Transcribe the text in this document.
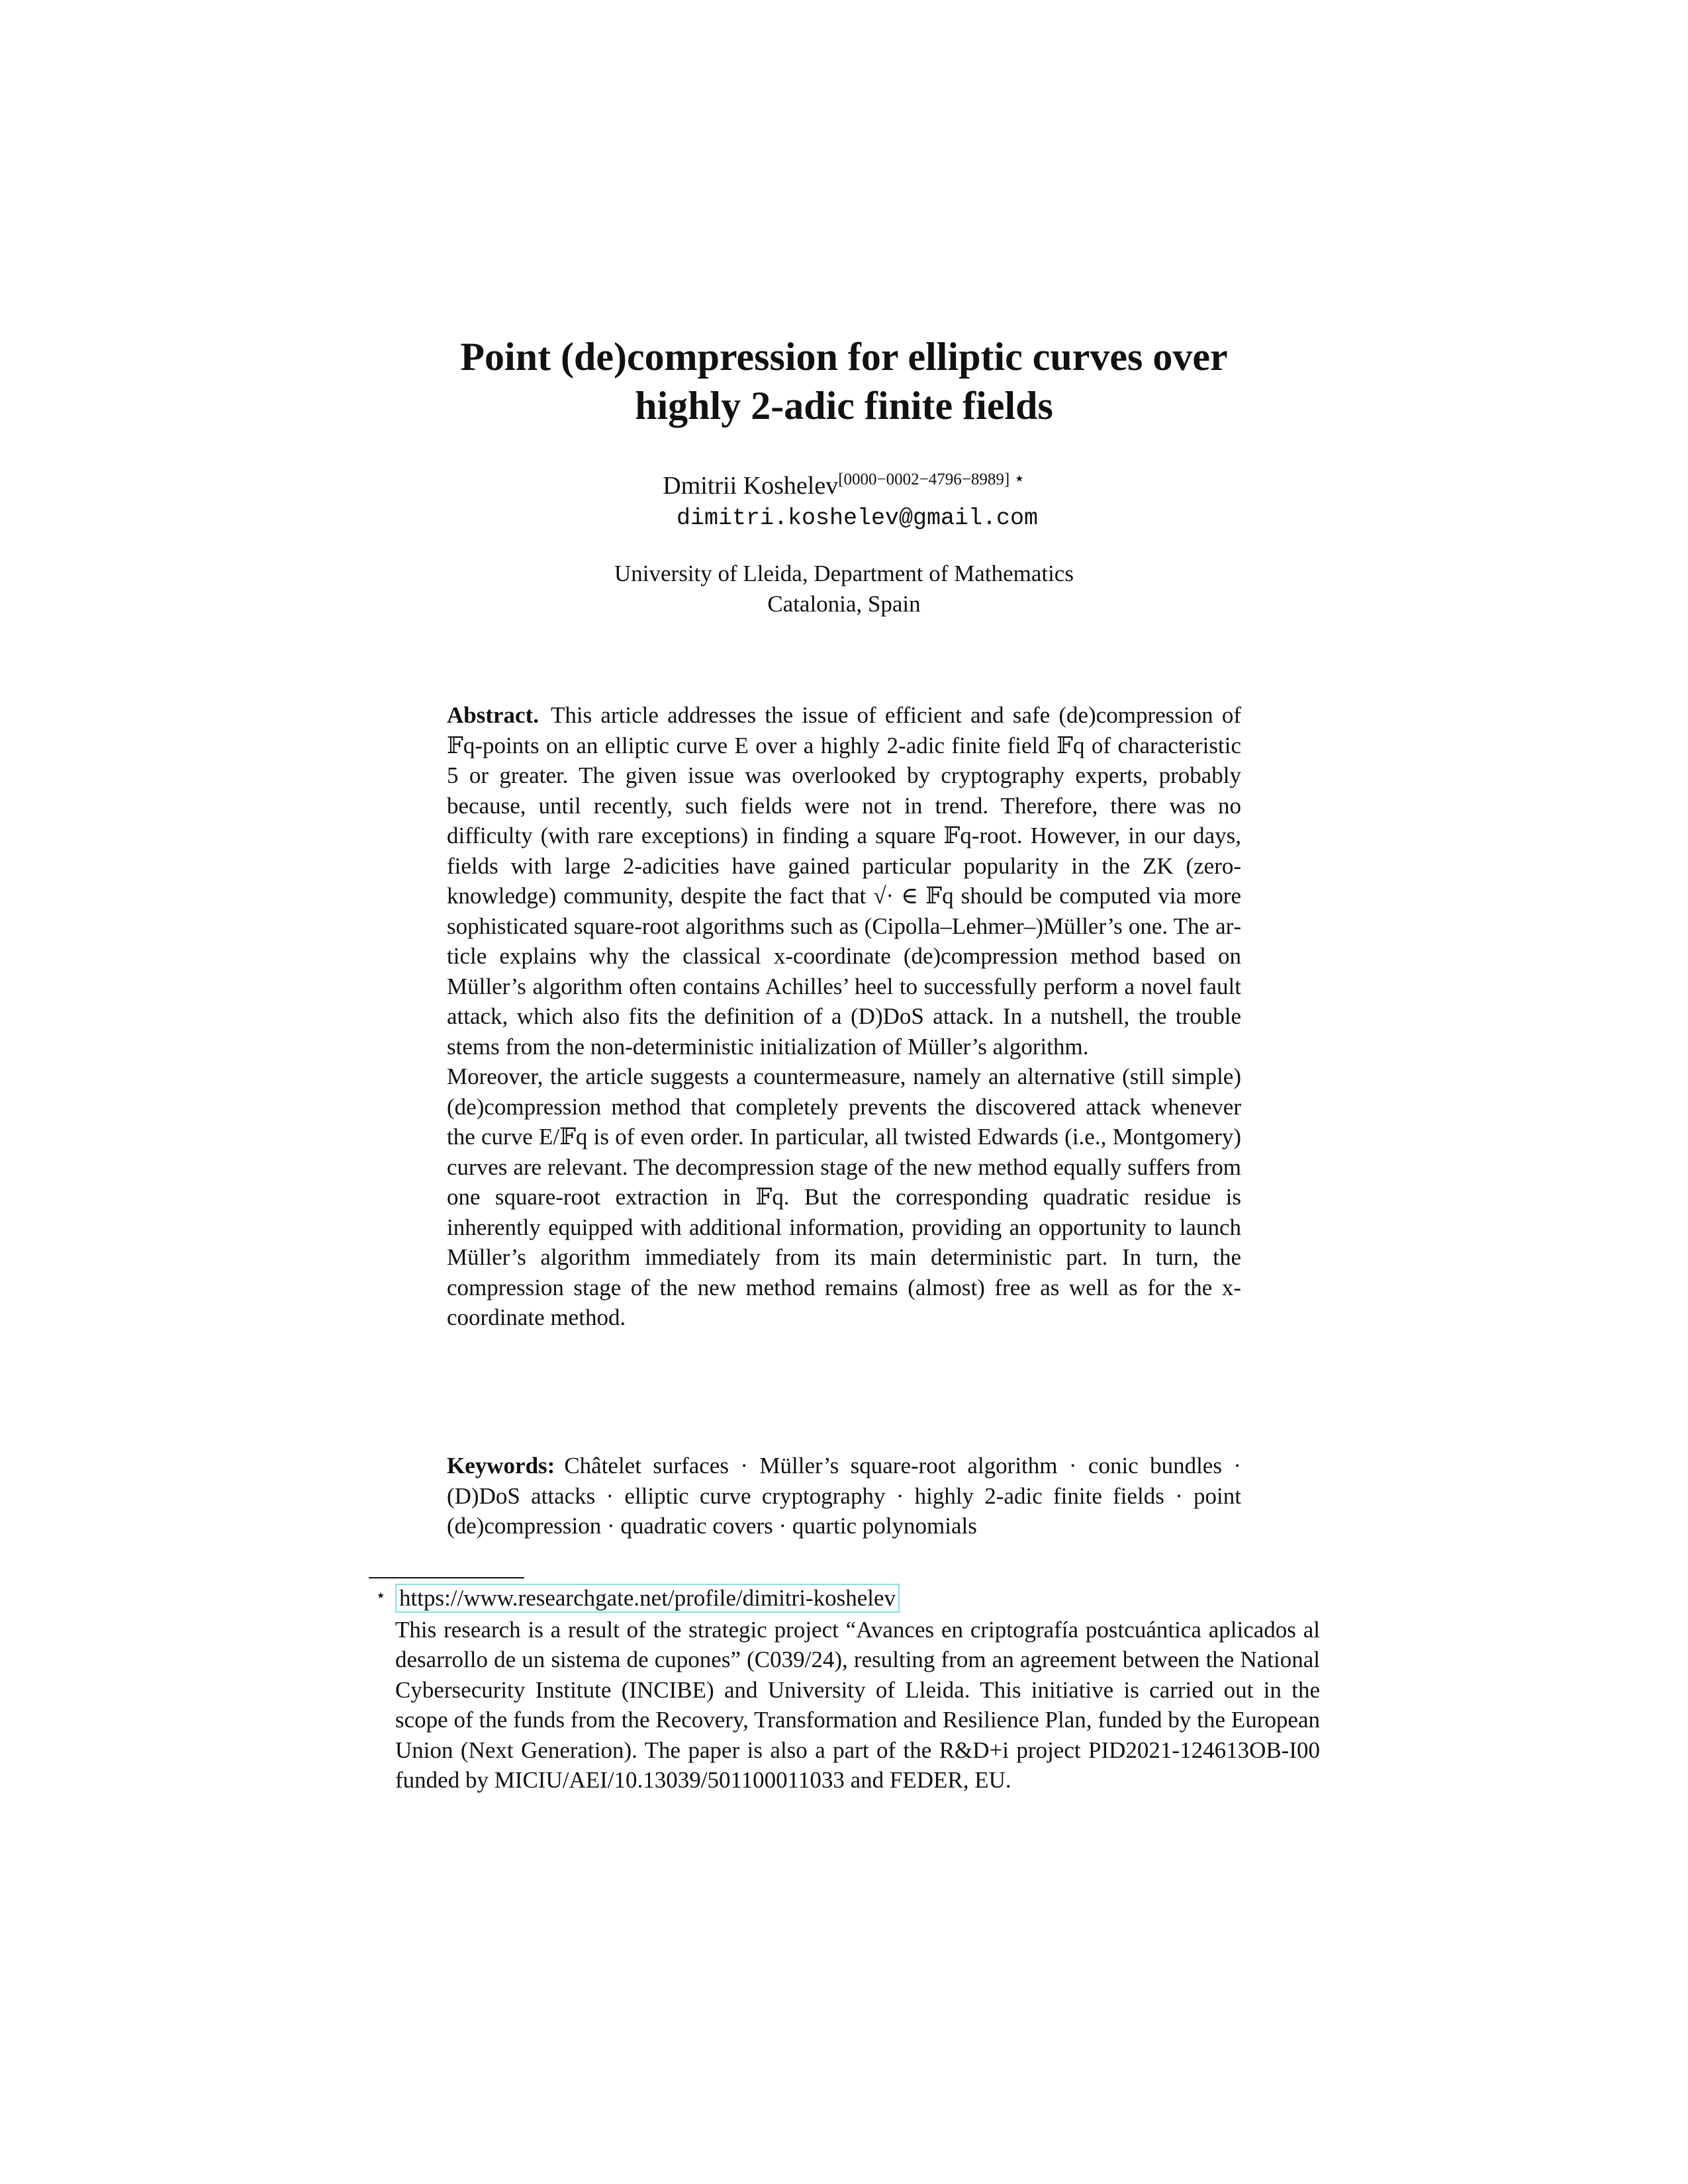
Point (de)compression for elliptic curves over
highly 2-adic finite fields
Dmitrii Koshelev[0000−0002−4796−8989] ⋆
dimitri.koshelev@gmail.com
University of Lleida, Department of Mathematics
Catalonia, Spain

Abstract. This article addresses the issue of efficient and safe (de)compression of 𝔽q-points on an elliptic curve E over a highly 2-adic finite field 𝔽q of characteristic 5 or greater. The given issue was overlooked by cryptography experts, probably because, until recently, such fields were not in trend. Therefore, there was no difficulty (with rare exceptions) in finding a square 𝔽q-root. However, in our days, fields with large 2-adicities have gained particular popularity in the ZK (zero-knowledge) community, despite the fact that √· ∈ 𝔽q should be computed via more sophisticated square-root algorithms such as (Cipolla–Lehmer–)Müller’s one. The article explains why the classical x-coordinate (de)compression method based on Müller’s algorithm often contains Achilles’ heel to successfully perform a novel fault attack, which also fits the definition of a (D)DoS attack. In a nutshell, the trouble stems from the non-deterministic initialization of Müller’s algorithm.

Moreover, the article suggests a countermeasure, namely an alternative (still simple) (de)compression method that completely prevents the discovered attack whenever the curve E/𝔽q is of even order. In particular, all twisted Edwards (i.e., Montgomery) curves are relevant. The decompression stage of the new method equally suffers from one square-root extraction in 𝔽q. But the corresponding quadratic residue is inherently equipped with additional information, providing an opportunity to launch Müller’s algorithm immediately from its main deterministic part. In turn, the compression stage of the new method remains (almost) free as well as for the x-coordinate method.

Keywords: Châtelet surfaces · Müller’s square-root algorithm · conic bundles · (D)DoS attacks · elliptic curve cryptography · highly 2-adic finite fields · point (de)compression · quadratic covers · quartic polynomials
⋆ https://www.researchgate.net/profile/dimitri-koshelev
This research is a result of the strategic project “Avances en criptografía postcuántica aplicados al desarrollo de un sistema de cupones” (C039/24), resulting from an agreement between the National Cybersecurity Institute (INCIBE) and University of Lleida. This initiative is carried out in the scope of the funds from the Recovery, Transformation and Resilience Plan, funded by the European Union (Next Generation). The paper is also a part of the R&D+i project PID2021-124613OB-I00 funded by MICIU/AEI/10.13039/501100011033 and FEDER, EU.
